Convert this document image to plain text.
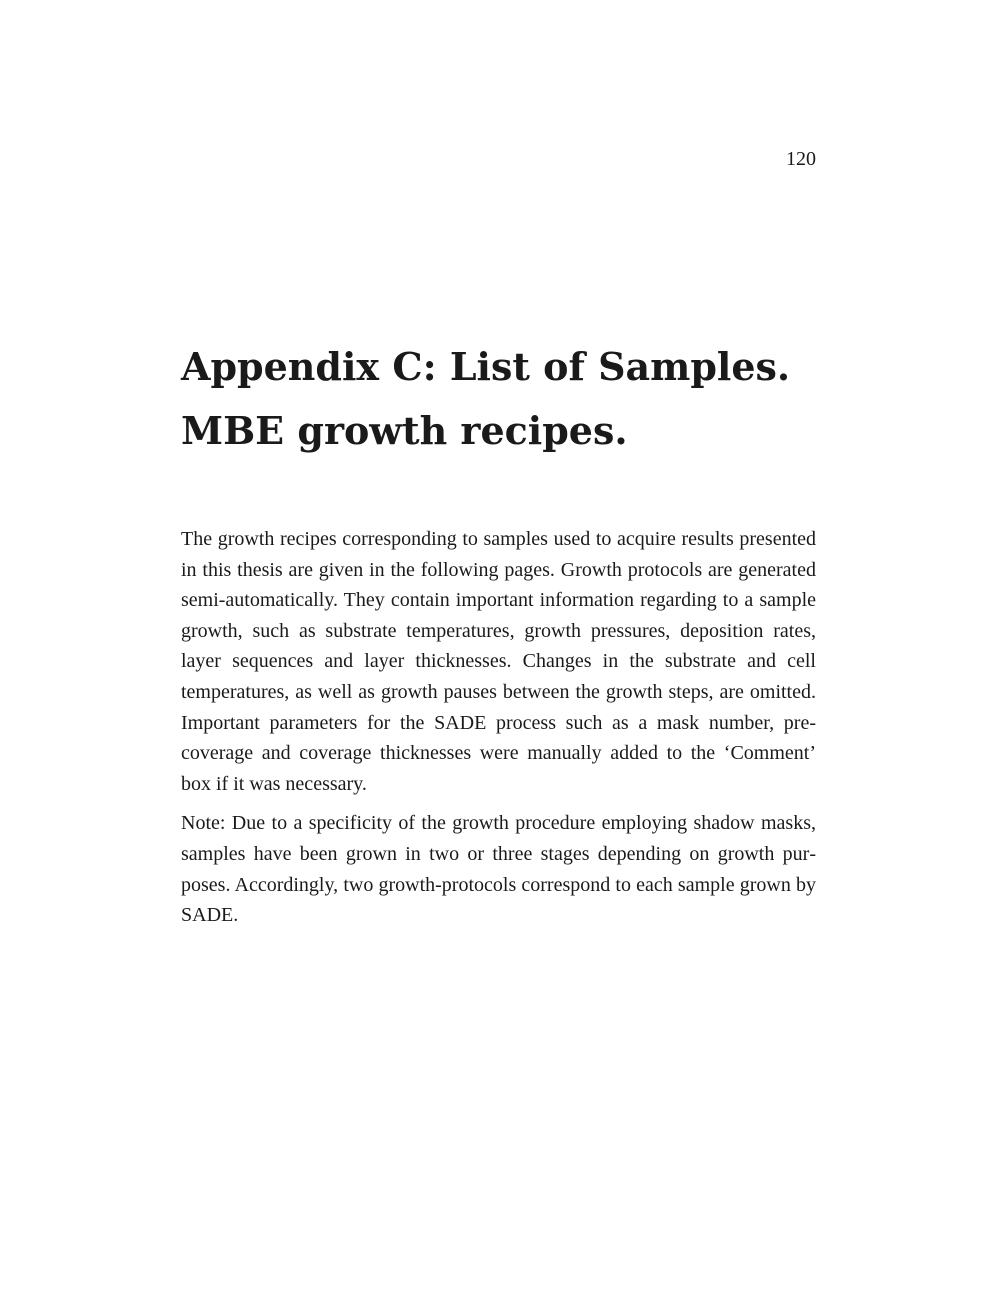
120
Appendix C: List of Samples.
MBE growth recipes.

The growth recipes corresponding to samples used to acquire results presented in this thesis are given in the following pages. Growth protocols are generated semi-automatically. They contain important information regarding to a sample growth, such as substrate temperatures, growth pressures, deposition rates, layer sequences and layer thicknesses. Changes in the substrate and cell temperatures, as well as growth pauses between the growth steps, are omitted. Important parameters for the SADE process such as a mask number, pre-coverage and coverage thicknesses were manually added to the ‘Comment’ box if it was necessary.

Note: Due to a specificity of the growth procedure employing shadow masks, samples have been grown in two or three stages depending on growth purposes. Accordingly, two growth-protocols correspond to each sample grown by SADE.
